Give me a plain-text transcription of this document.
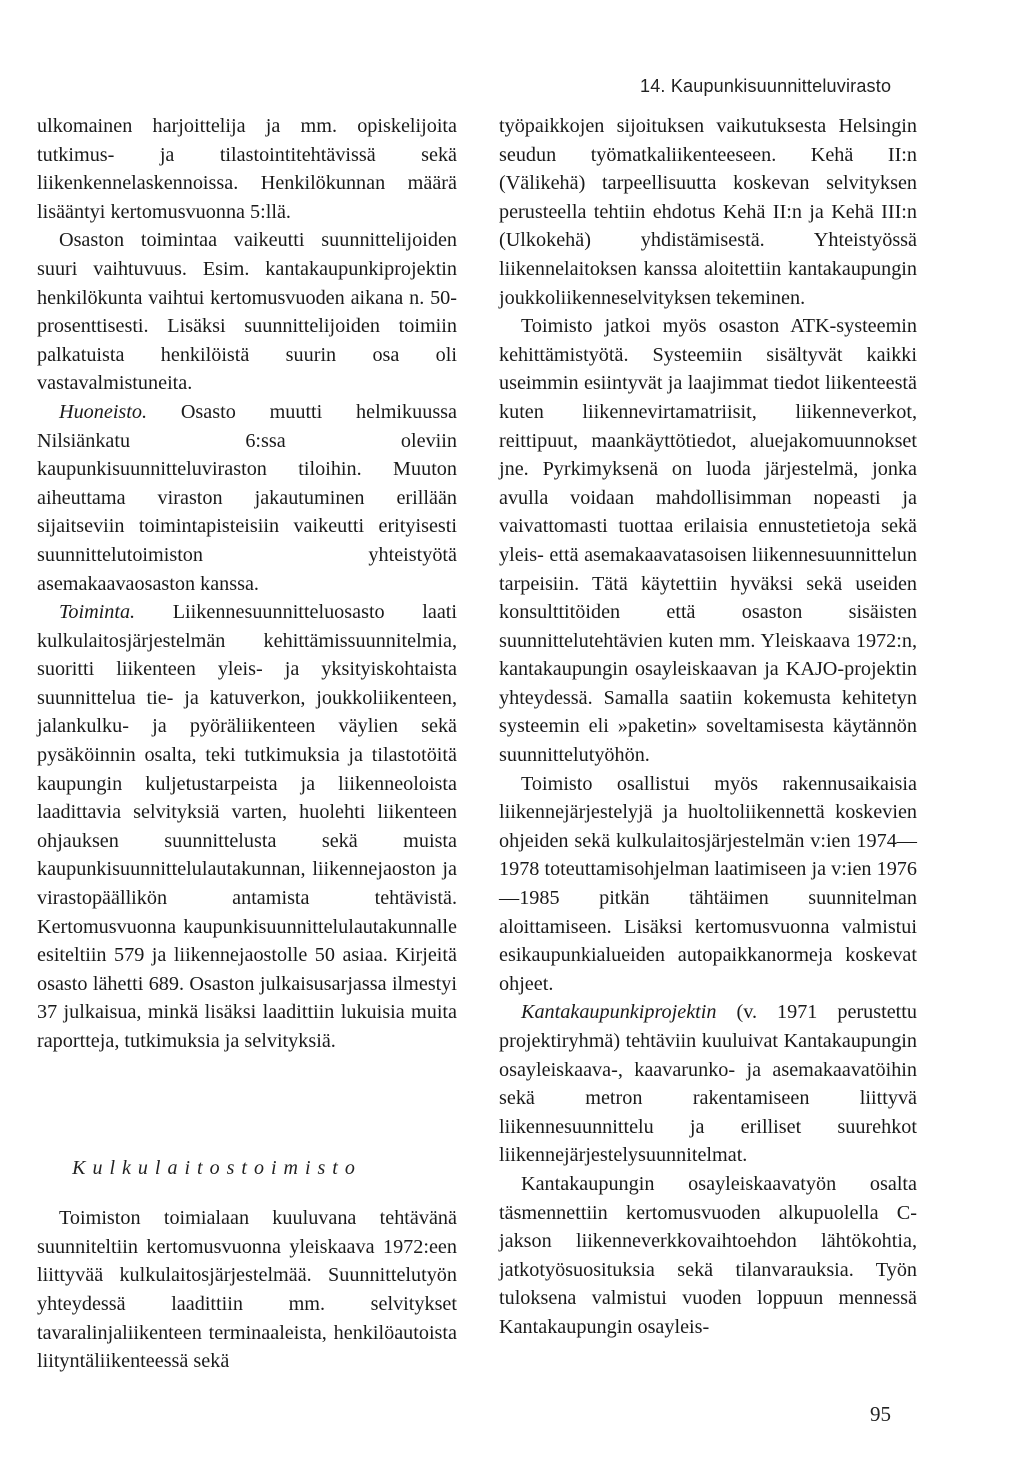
14. Kaupunkisuunnitteluvirasto

ulkomainen harjoittelija ja mm. opiskelijoita tutkimus- ja tilastointitehtävissä sekä liikenkennelaskennoissa. Henkilökunnan määrä lisääntyi kertomusvuonna 5:llä.

Osaston toimintaa vaikeutti suunnittelijoiden suuri vaihtuvuus. Esim. kantakaupunkiprojektin henkilökunta vaihtui kertomusvuoden aikana n. 50-prosenttisesti. Lisäksi suunnittelijoiden toimiin palkatuista henkilöistä suurin osa oli vastavalmistuneita.

Huoneisto. Osasto muutti helmikuussa Nilsiänkatu 6:ssa oleviin kaupunkisuunnitteluviraston tiloihin. Muuton aiheuttama viraston jakautuminen erillään sijaitseviin toimintapisteisiin vaikeutti erityisesti suunnittelutoimiston yhteistyötä asemakaavaosaston kanssa.

Toiminta. Liikennesuunnitteluosasto laati kulkulaitosjärjestelmän kehittämissuunnitelmia, suoritti liikenteen yleis- ja yksityiskohtaista suunnittelua tie- ja katuverkon, joukkoliikenteen, jalankulku- ja pyöräliikenteen väylien sekä pysäköinnin osalta, teki tutkimuksia ja tilastotöitä kaupungin kuljetustarpeista ja liikenneoloista laadittavia selvityksiä varten, huolehti liikenteen ohjauksen suunnittelusta sekä muista kaupunkisuunnittelulautakunnan, liikennejaoston ja virastopäällikön antamista tehtävistä. Kertomusvuonna kaupunkisuunnittelulautakunnalle esiteltiin 579 ja liikennejaostolle 50 asiaa. Kirjeitä osasto lähetti 689. Osaston julkaisusarjassa ilmestyi 37 julkaisua, minkä lisäksi laadittiin lukuisia muita raportteja, tutkimuksia ja selvityksiä.

Kulkulaitostoimisto

Toimiston toimialaan kuuluvana tehtävänä suunniteltiin kertomusvuonna yleiskaava 1972:een liittyvää kulkulaitosjärjestelmää. Suunnittelutyön yhteydessä laadittiin mm. selvitykset tavaralinjaliikenteen terminaaleista, henkilöautoista liityntäliikenteessä sekä

työpaikkojen sijoituksen vaikutuksesta Helsingin seudun työmatkaliikenteeseen. Kehä II:n (Välikehä) tarpeellisuutta koskevan selvityksen perusteella tehtiin ehdotus Kehä II:n ja Kehä III:n (Ulkokehä) yhdistämisestä. Yhteistyössä liikennelaitoksen kanssa aloitettiin kantakaupungin joukkoliikenneselvityksen tekeminen.

Toimisto jatkoi myös osaston ATK-systeemin kehittämistyötä. Systeemiin sisältyvät kaikki useimmin esiintyvät ja laajimmat tiedot liikenteestä kuten liikennevirtamatriisit, liikenneverkot, reittipuut, maankäyttötiedot, aluejakomuunnokset jne. Pyrkimyksenä on luoda järjestelmä, jonka avulla voidaan mahdollisimman nopeasti ja vaivattomasti tuottaa erilaisia ennustetietoja sekä yleis- että asemakaavatasoisen liikennesuunnittelun tarpeisiin. Tätä käytettiin hyväksi sekä useiden konsulttitöiden että osaston sisäisten suunnittelutehtävien kuten mm. Yleiskaava 1972:n, kantakaupungin osayleiskaavan ja KAJO-projektin yhteydessä. Samalla saatiin kokemusta kehitetyn systeemin eli »paketin» soveltamisesta käytännön suunnittelutyöhön.

Toimisto osallistui myös rakennusaikaisia liikennejärjestelyjä ja huoltoliikennettä koskevien ohjeiden sekä kulkulaitosjärjestelmän v:ien 1974—1978 toteuttamisohjelman laatimiseen ja v:ien 1976—1985 pitkän tähtäimen suunnitelman aloittamiseen. Lisäksi kertomusvuonna valmistui esikaupunkialueiden autopaikkanormeja koskevat ohjeet.

Kantakaupunkiprojektin (v. 1971 perustettu projektiryhmä) tehtäviin kuuluivat Kantakaupungin osayleiskaava-, kaavarunko- ja asemakaavatöihin sekä metron rakentamiseen liittyvä liikennesuunnittelu ja erilliset suurehkot liikennejärjestelysuunnitelmat.

Kantakaupungin osayleiskaavatyön osalta täsmennettiin kertomusvuoden alkupuolella C-jakson liikenneverkkovaihtoehdon lähtökohtia, jatkotyösuosituksia sekä tilanvarauksia. Työn tuloksena valmistui vuoden loppuun mennessä Kantakaupungin osayleis-

95
